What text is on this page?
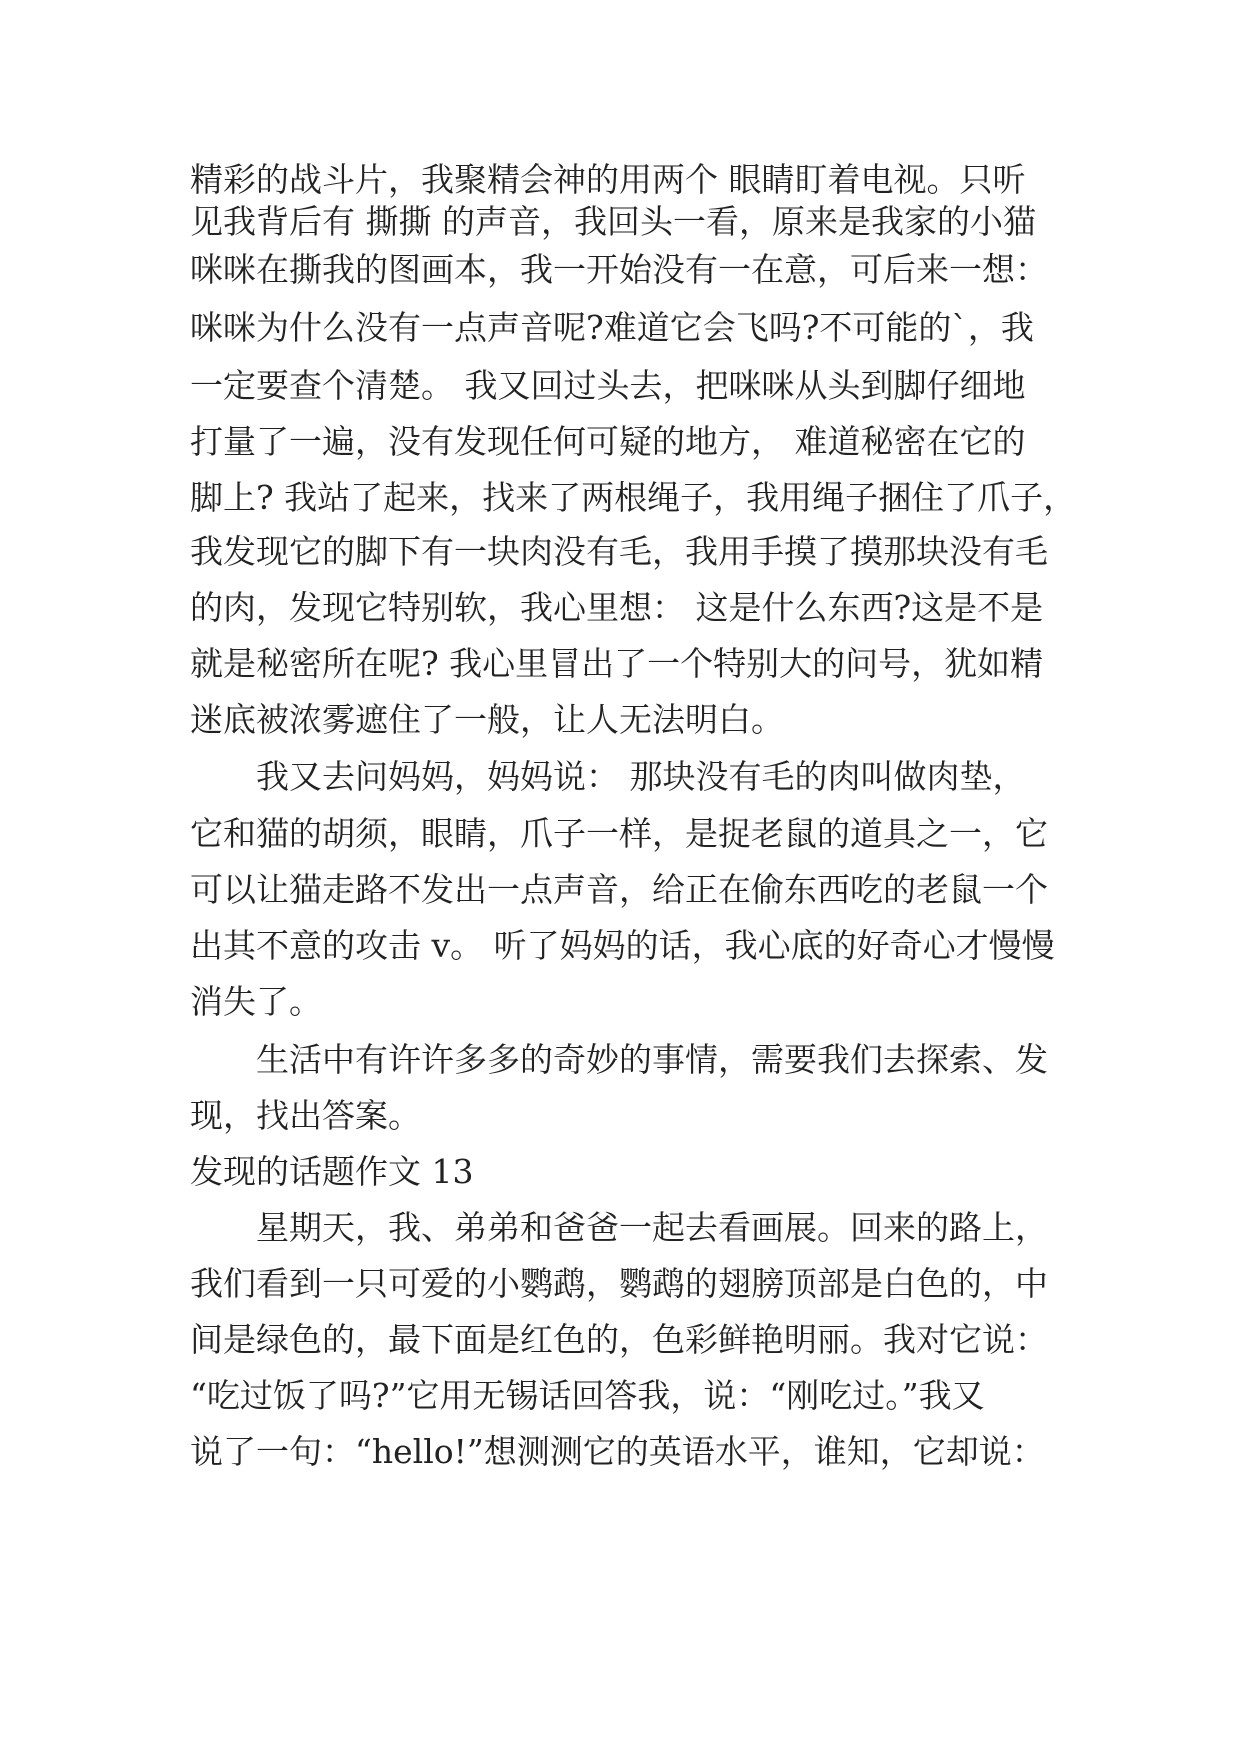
精彩的战斗片，我聚精会神的用两个 眼睛盯着电视。只听
见我背后有 撕撕 的声音，我回头一看，原来是我家的小猫
咪咪在撕我的图画本，我一开始没有一在意，可后来一想：
咪咪为什么没有一点声音呢?难道它会飞吗?不可能的`，我
一定要查个清楚。 我又回过头去，把咪咪从头到脚仔细地
打量了一遍，没有发现任何可疑的地方， 难道秘密在它的
脚上? 我站了起来，找来了两根绳子，我用绳子捆住了爪子，
我发现它的脚下有一块肉没有毛，我用手摸了摸那块没有毛
的肉，发现它特别软，我心里想： 这是什么东西?这是不是
就是秘密所在呢? 我心里冒出了一个特别大的问号，犹如精
迷底被浓雾遮住了一般，让人无法明白。
我又去问妈妈，妈妈说： 那块没有毛的肉叫做肉垫，
它和猫的胡须，眼睛，爪子一样，是捉老鼠的道具之一，它
可以让猫走路不发出一点声音，给正在偷东西吃的老鼠一个
出其不意的攻击 v。 听了妈妈的话，我心底的好奇心才慢慢
消失了。
生活中有许许多多的奇妙的事情，需要我们去探索、发
现，找出答案。
发现的话题作文 13
星期天，我、弟弟和爸爸一起去看画展。回来的路上，
我们看到一只可爱的小鹦鹉，鹦鹉的翅膀顶部是白色的，中
间是绿色的，最下面是红色的，色彩鲜艳明丽。我对它说：
“吃过饭了吗?”它用无锡话回答我，说：“刚吃过。”我又
说了一句：“hello!”想测测它的英语水平，谁知，它却说：
